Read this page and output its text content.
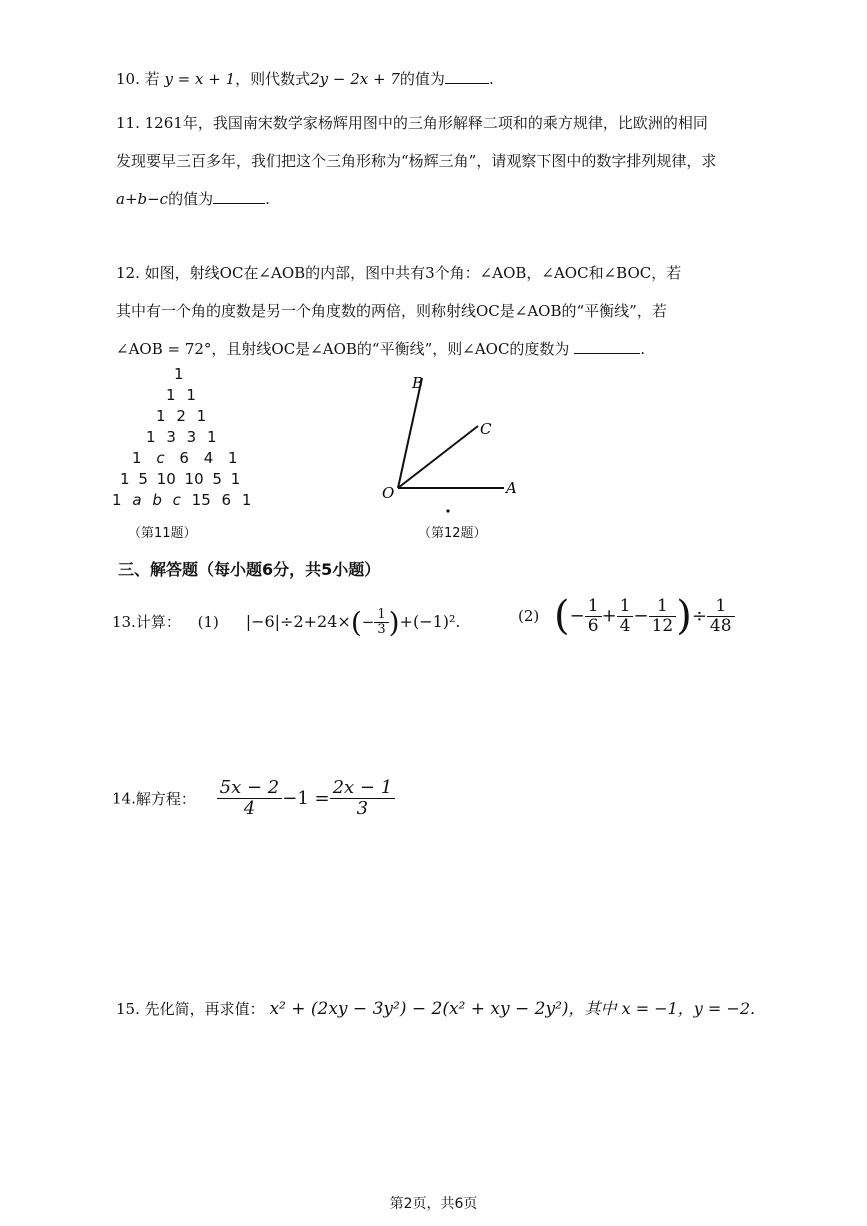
10. 若 y = x + 1，则代数式2y − 2x + 7的值为	.
11. 1261年，我国南宋数学家杨辉用图中的三角形解释二项和的乘方规律，比欧洲的相同
发现要早三百多年，我们把这个三角形称为“杨辉三角”，请观察下图中的数字排列规律，求
a+b−c的值为	.
12. 如图，射线OC在∠AOB的内部，图中共有3个角：∠AOB，∠AOC和∠BOC，若
其中有一个角的度数是另一个角度数的两倍，则称射线OC是∠AOB的“平衡线”，若
∠AOB = 72°，且射线OC是∠AOB的“平衡线”，则∠AOC的度数为	.
1
1 1
1 2 1
1 3 3 1
1 c 6 4 1
1 5 10 10 5 1
1 a b c 15 6 1
（第11题）
B
C
O	A
（第12题）
三、解答题（每小题6分，共5小题）
13.计算： (1) $|-6|\div 2+24\times(- \frac{1}{3} )+(-1)^2$.	(2) (− $\frac{1}{6} + \frac{1}{4} - \frac{1}{12}$ )÷ $\frac{1}{48}$
14.解方程： $\frac{5x - 2}{4} -1 = \frac{2x - 1}{3}$
15. 先化简，再求值： x² + (2xy − 3y²) − 2(x² + xy − 2y²)，其中 x = −1，y = −2.
第2页，共6页
